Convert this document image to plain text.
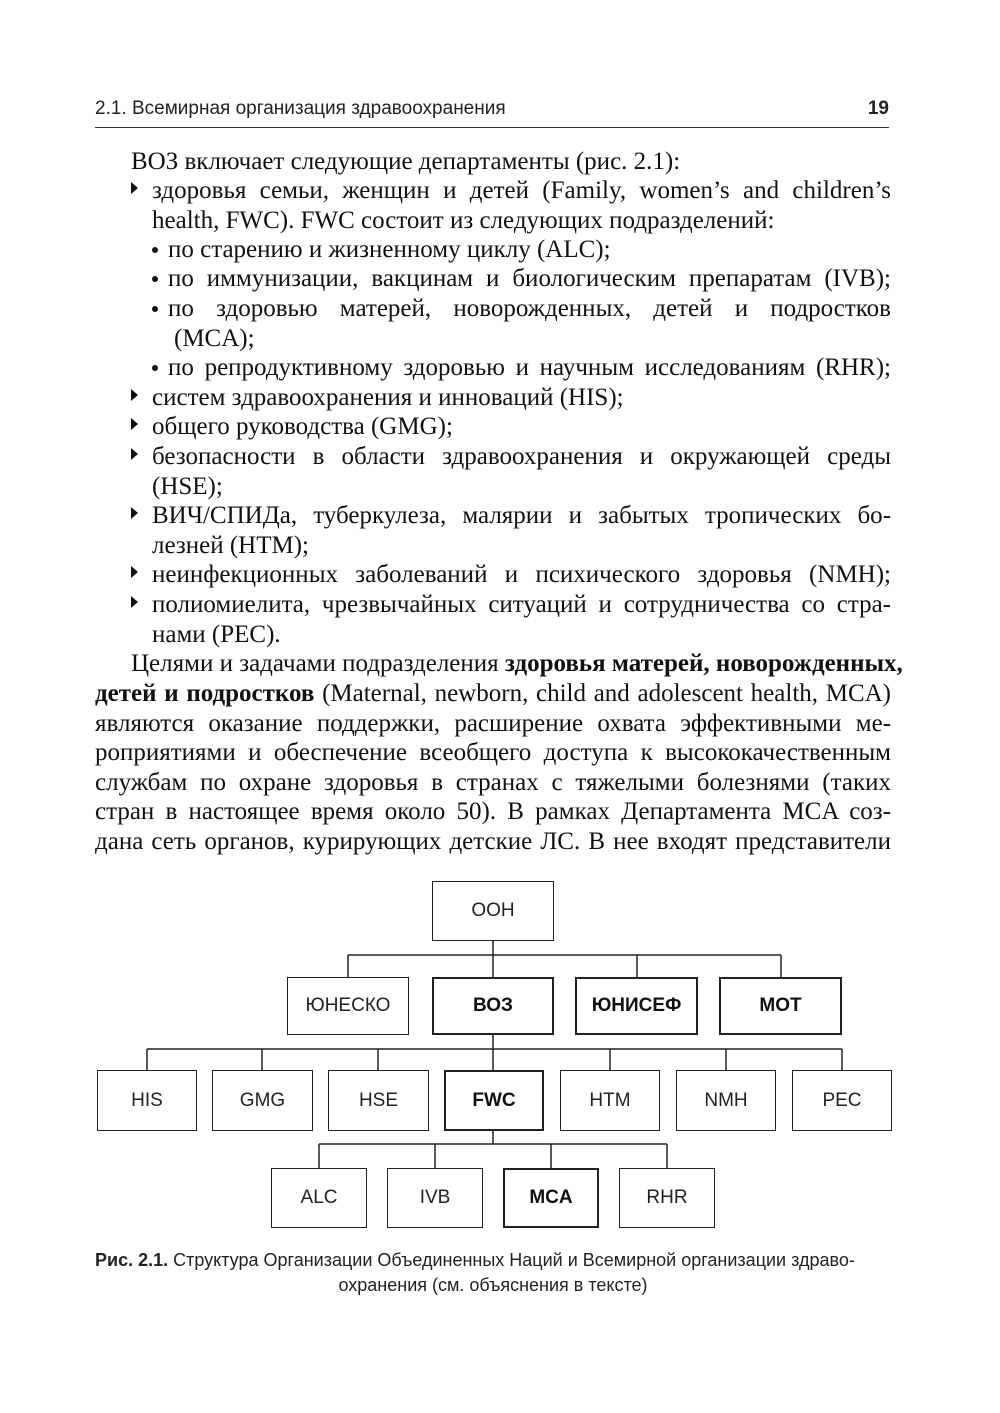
2.1. Всемирная организация здравоохранения	19
ВОЗ включает следующие департаменты (рис. 2.1):
здоровья семьи, женщин и детей (Family, women’s and children’s
health, FWC). FWC состоит из следующих подразделений:
по старению и жизненному циклу (ALC);
по иммунизации, вакцинам и биологическим препаратам (IVB);
по здоровью матерей, новорожденных, детей и подростков
(MCA);
по репродуктивному здоровью и научным исследованиям (RHR);
систем здравоохранения и инноваций (HIS);
общего руководства (GMG);
безопасности в области здравоохранения и окружающей среды
(HSE);
ВИЧ/СПИДа, туберкулеза, малярии и забытых тропических бо-
лезней (HTM);
неинфекционных заболеваний и психического здоровья (NMH);
полиомиелита, чрезвычайных ситуаций и сотрудничества со стра-
нами (PEC).
Целями и задачами подразделения здоровья матерей, новорожденных,
детей и подростков (Maternal, newborn, child and adolescent health, MCA)
являются оказание поддержки, расширение охвата эффективными ме-
роприятиями и обеспечение всеобщего доступа к высококачественным
службам по охране здоровья в странах с тяжелыми болезнями (таких
стран в настоящее время около 50). В рамках Департамента MCA соз-
дана сеть органов, курирующих детские ЛС. В нее входят представители
ООН
ЮНЕСКО	ВОЗ	ЮНИСЕФ	МОТ
HIS	GMG	HSE	FWC	HTM	NMH	PEC
ALC	IVB	MCA	RHR
Рис. 2.1. Структура Организации Объединенных Наций и Всемирной организации здраво-
охранения (см. объяснения в тексте)
